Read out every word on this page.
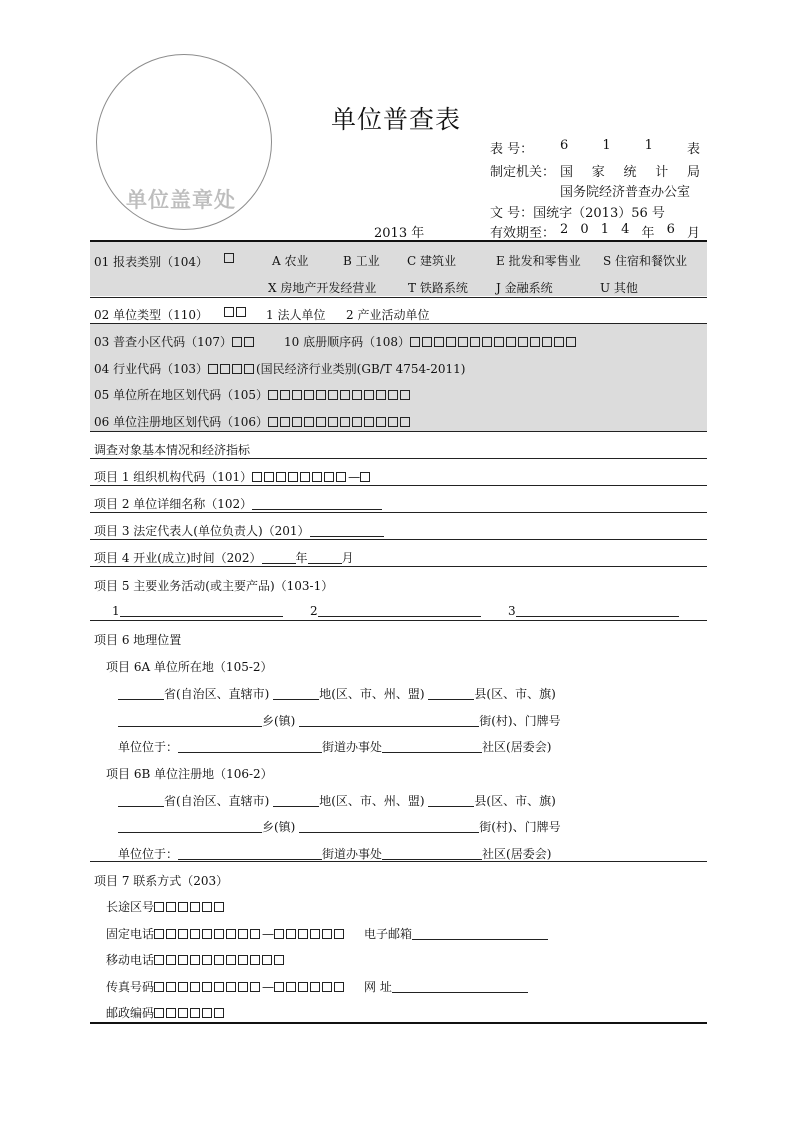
单位盖章处
单位普查表
表 号： 6	1	1	表
制定机关： 国 家 统 计 局
国务院经济普查办公室
文 号：国统字（2013）56 号
2013 年	有效期至： 2 0 1 4 年 6 月
01 报表类别（104）	A 农业	B 工业 C 建筑业	E 批发和零售业 S 住宿和餐饮业
X 房地产开发经营业	T 铁路系统 J 金融系统	U 其他
02 单位类型（110）	1 法人单位 2 产业活动单位
03 普查小区代码（107）	10 底册顺序码（108）
04 行业代码（103）	(国民经济行业类别(GB/T 4754-2011)
05 单位所在地区划代码（105）
06 单位注册地区划代码（106）
调查对象基本情况和经济指标
项目 1 组织机构代码（101）	—
项目 2 单位详细名称（102）
项目 3 法定代表人(单位负责人)（201）
项目 4 开业(成立)时间（202）	年	月
项目 5 主要业务活动(或主要产品)（103-1）
1	2	3
项目 6 地理位置
项目 6A 单位所在地（105-2）
省(自治区、直辖市)	地(区、市、州、盟)	县(区、市、旗)
乡(镇)	街(村)、门牌号
单位位于：	街道办事处	社区(居委会)
项目 6B 单位注册地（106-2）
省(自治区、直辖市)	地(区、市、州、盟)	县(区、市、旗)
乡(镇)	街(村)、门牌号
单位位于：	街道办事处	社区(居委会)
项目 7 联系方式（203）
长途区号
固定电话	—	电子邮箱
移动电话
传真号码	—	网 址
邮政编码
